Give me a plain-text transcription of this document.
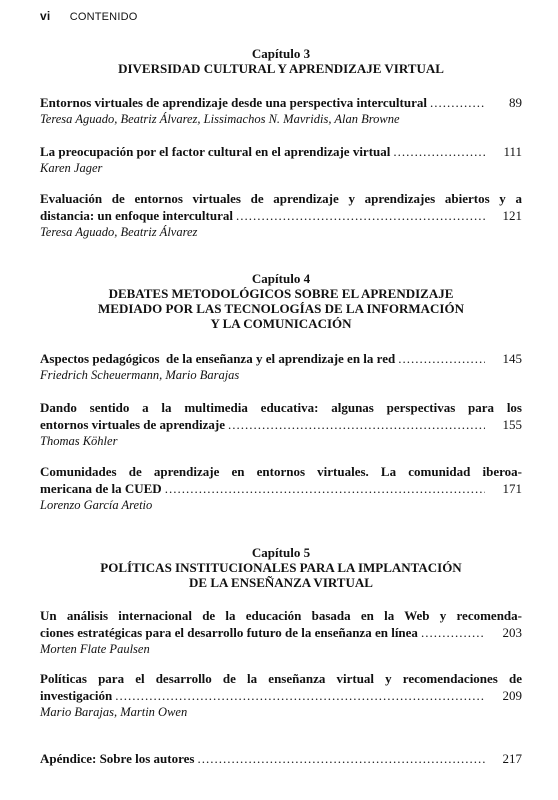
vi CONTENIDO
Capítulo 3
DIVERSIDAD CULTURAL Y APRENDIZAJE VIRTUAL
Entornos virtuales de aprendizaje desde una perspectiva intercultural .....	89
Teresa Aguado, Beatriz Álvarez, Lissimachos N. Mavridis, Alan Browne
La preocupación por el factor cultural en el aprendizaje virtual .....	111
Karen Jager
Evaluación de entornos virtuales de aprendizaje y aprendizajes abiertos y a
distancia: un enfoque intercultural .....	121
Teresa Aguado, Beatriz Álvarez
Capítulo 4
DEBATES METODOLÓGICOS SOBRE EL APRENDIZAJE
MEDIADO POR LAS TECNOLOGÍAS DE LA INFORMACIÓN
Y LA COMUNICACIÓN
Aspectos pedagógicos  de la enseñanza y el aprendizaje en la red .....	145
Friedrich Scheuermann, Mario Barajas
Dando sentido a la multimedia educativa: algunas perspectivas para los
entornos virtuales de aprendizaje .....	155
Thomas Köhler
Comunidades de aprendizaje en entornos virtuales. La comunidad iberoa-
mericana de la CUED .....	171
Lorenzo García Aretio
Capítulo 5
POLÍTICAS INSTITUCIONALES PARA LA IMPLANTACIÓN
DE LA ENSEÑANZA VIRTUAL
Un análisis internacional de la educación basada en la Web y recomenda-
ciones estratégicas para el desarrollo futuro de la enseñanza en línea .....	203
Morten Flate Paulsen
Políticas para el desarrollo de la enseñanza virtual y recomendaciones de
investigación .....	209
Mario Barajas, Martin Owen
Apéndice: Sobre los autores .....	217
